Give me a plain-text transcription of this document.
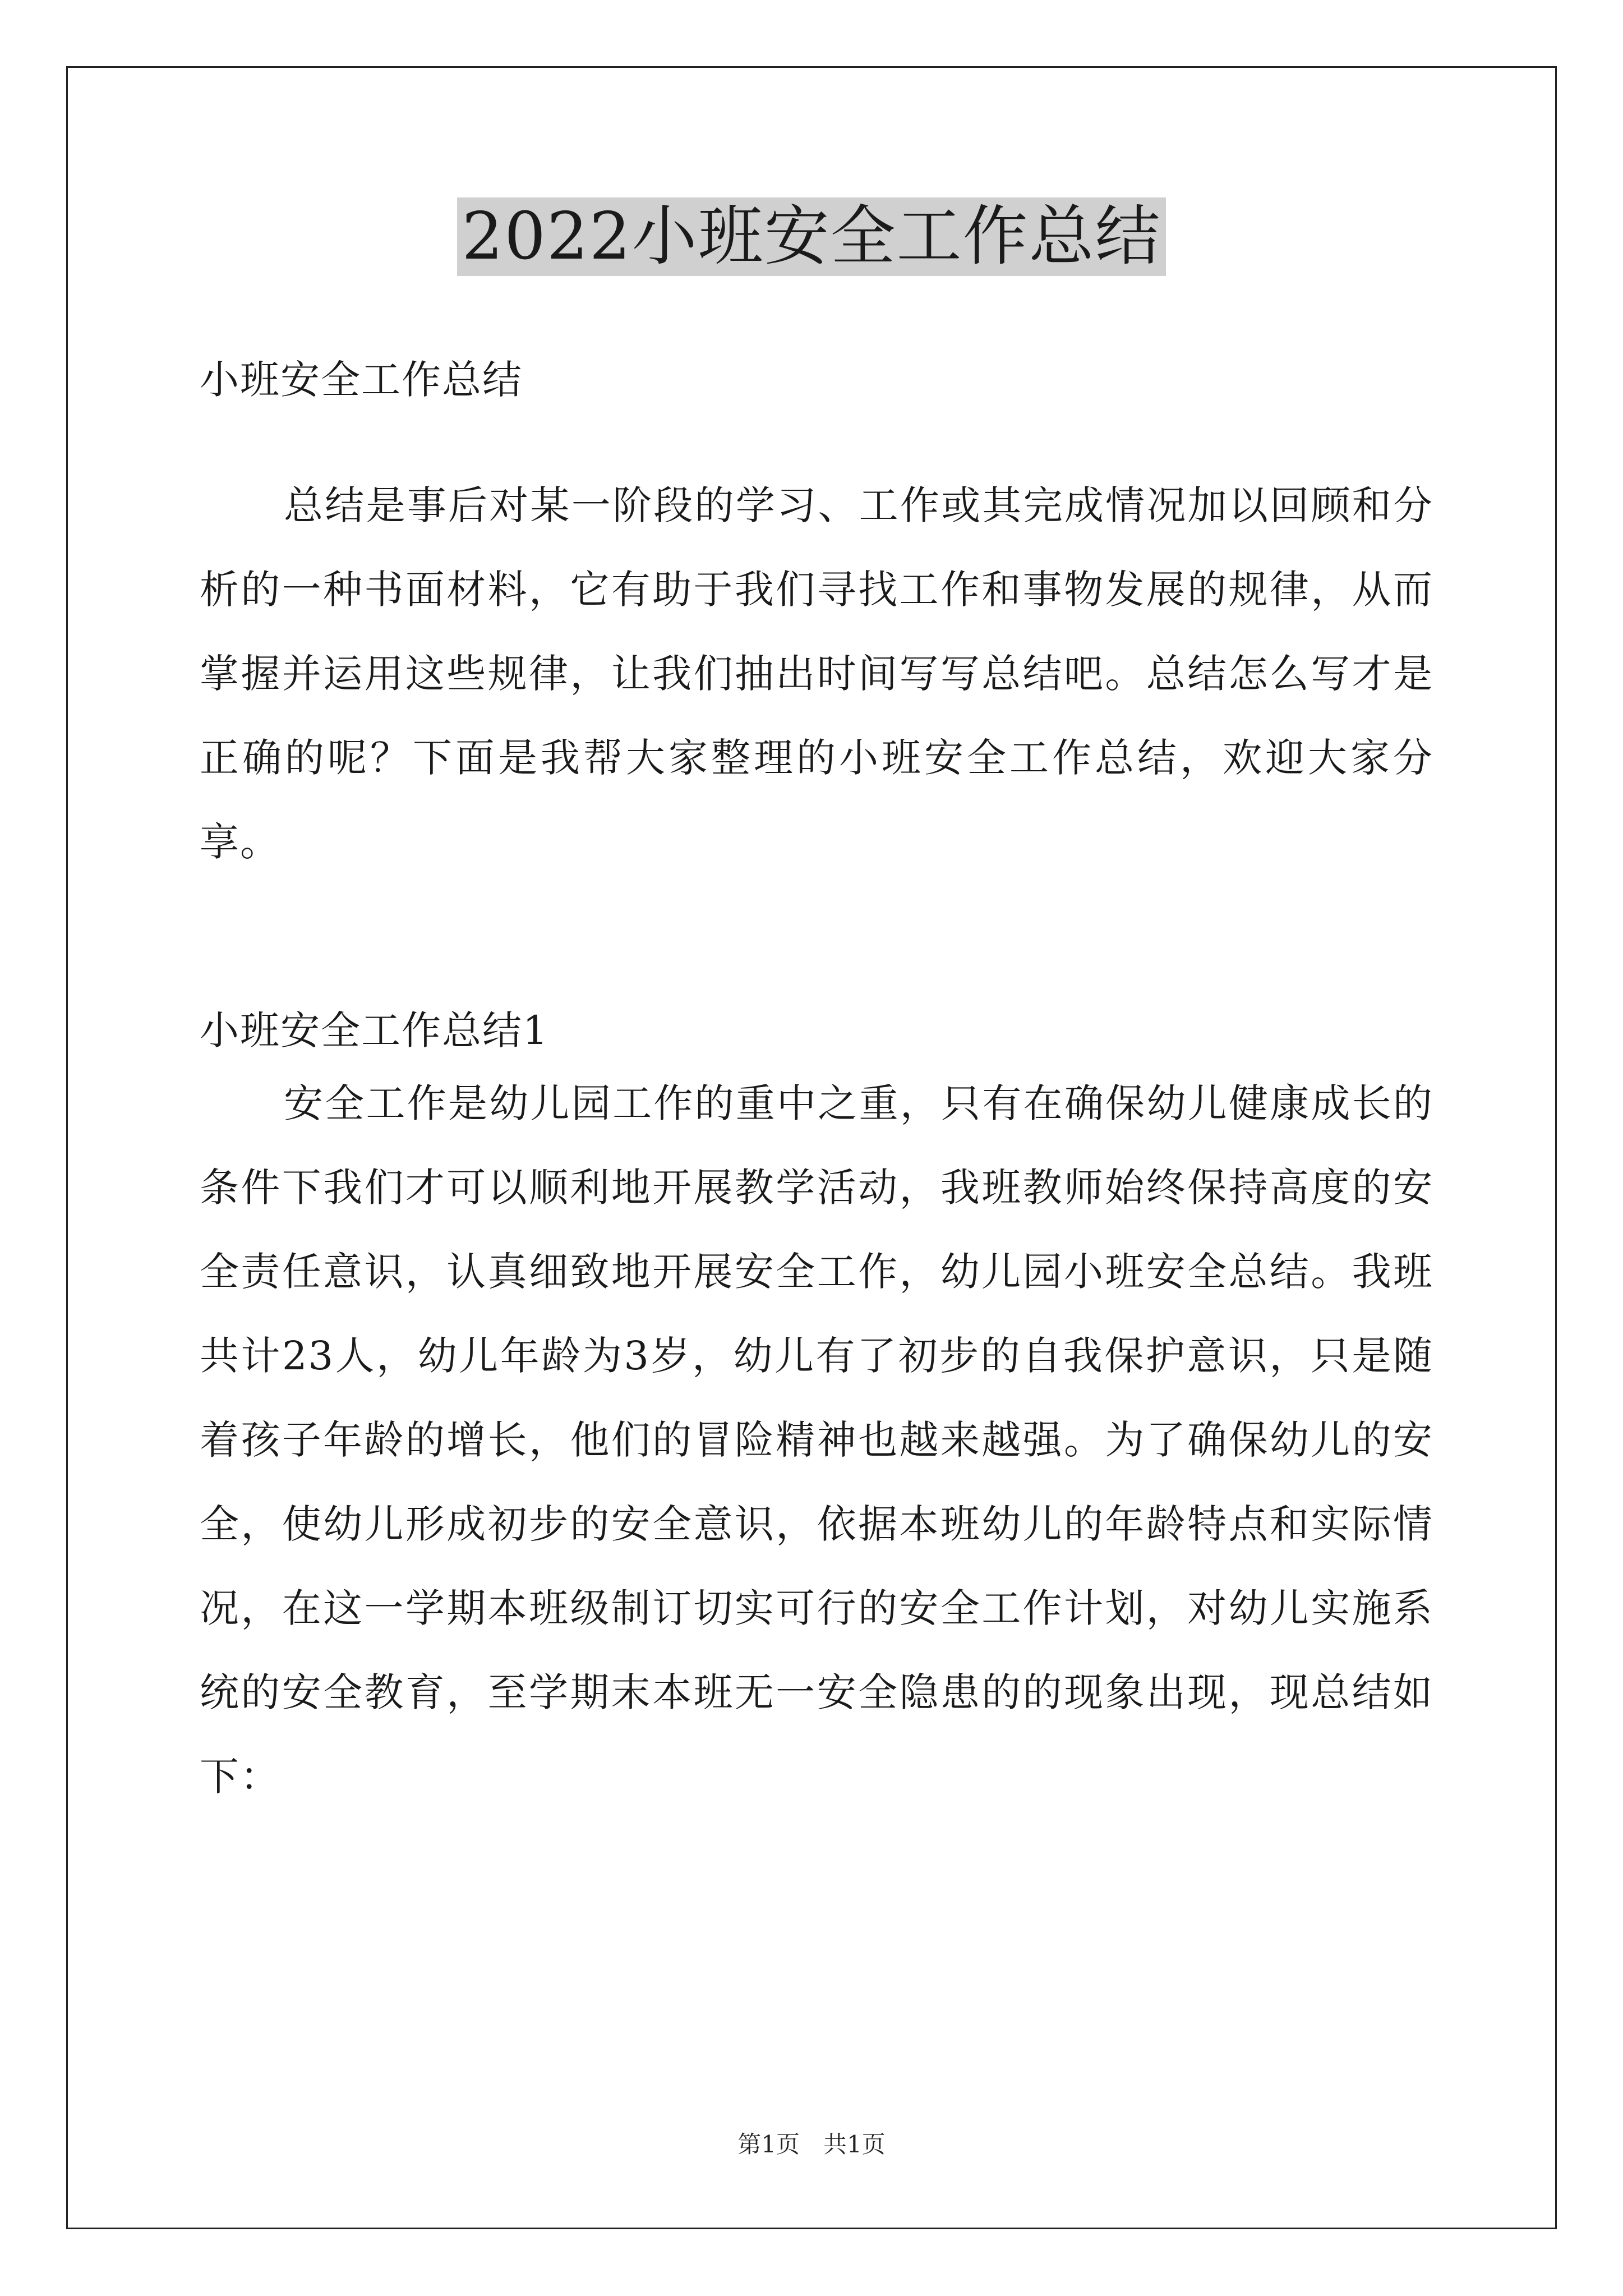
2022小班安全工作总结
小班安全工作总结

总结是事后对某一阶段的学习、工作或其完成情况加以回顾和分析的一种书面材料，它有助于我们寻找工作和事物发展的规律，从而掌握并运用这些规律，让我们抽出时间写写总结吧。总结怎么写才是正确的呢？下面是我帮大家整理的小班安全工作总结，欢迎大家分享。

小班安全工作总结1

安全工作是幼儿园工作的重中之重，只有在确保幼儿健康成长的条件下我们才可以顺利地开展教学活动，我班教师始终保持高度的安全责任意识，认真细致地开展安全工作，幼儿园小班安全总结。我班共计23人，幼儿年龄为3岁，幼儿有了初步的自我保护意识，只是随着孩子年龄的增长，他们的冒险精神也越来越强。为了确保幼儿的安全，使幼儿形成初步的安全意识，依据本班幼儿的年龄特点和实际情况，在这一学期本班级制订切实可行的安全工作计划，对幼儿实施系统的安全教育，至学期末本班无一安全隐患的的现象出现，现总结如下：

第1页　共1页
